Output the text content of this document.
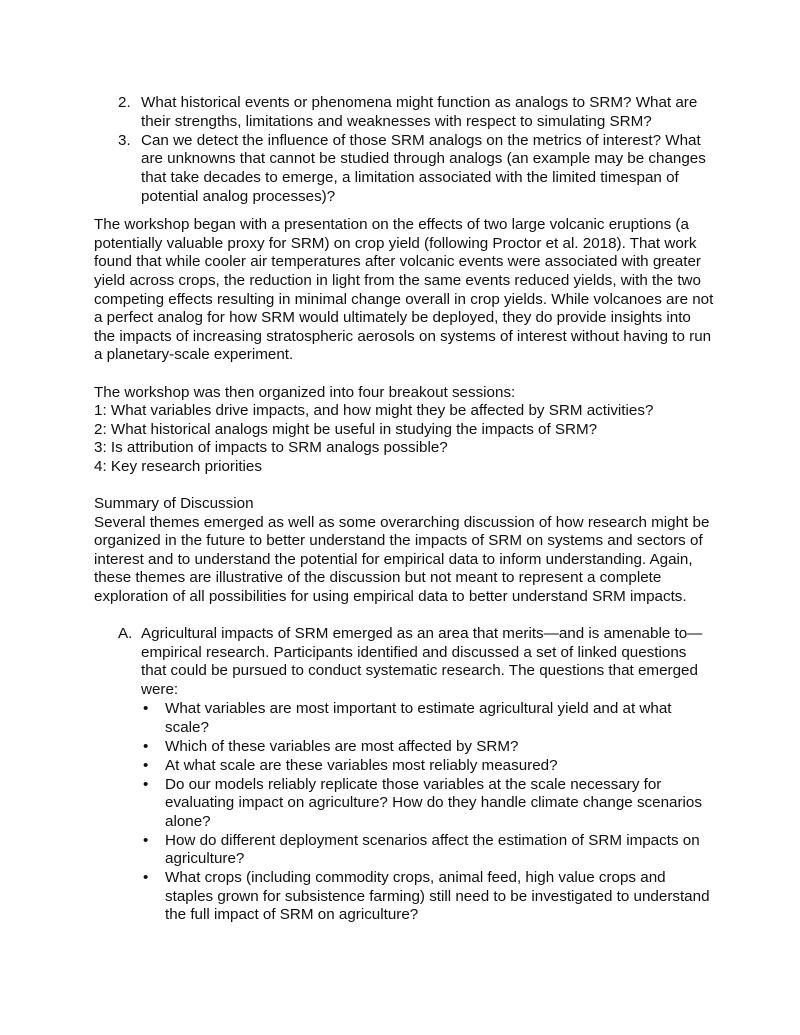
2. What historical events or phenomena might function as analogs to SRM? What are their strengths, limitations and weaknesses with respect to simulating SRM?
3. Can we detect the influence of those SRM analogs on the metrics of interest? What are unknowns that cannot be studied through analogs (an example may be changes that take decades to emerge, a limitation associated with the limited timespan of potential analog processes)?

The workshop began with a presentation on the effects of two large volcanic eruptions (a potentially valuable proxy for SRM) on crop yield (following Proctor et al. 2018). That work found that while cooler air temperatures after volcanic events were associated with greater yield across crops, the reduction in light from the same events reduced yields, with the two competing effects resulting in minimal change overall in crop yields. While volcanoes are not a perfect analog for how SRM would ultimately be deployed, they do provide insights into the impacts of increasing stratospheric aerosols on systems of interest without having to run a planetary-scale experiment.

The workshop was then organized into four breakout sessions:
1: What variables drive impacts, and how might they be affected by SRM activities?
2: What historical analogs might be useful in studying the impacts of SRM?
3: Is attribution of impacts to SRM analogs possible?
4: Key research priorities
Summary of Discussion

Several themes emerged as well as some overarching discussion of how research might be organized in the future to better understand the impacts of SRM on systems and sectors of interest and to understand the potential for empirical data to inform understanding. Again, these themes are illustrative of the discussion but not meant to represent a complete exploration of all possibilities for using empirical data to better understand SRM impacts.

A. Agricultural impacts of SRM emerged as an area that merits—and is amenable to—empirical research. Participants identified and discussed a set of linked questions that could be pursued to conduct systematic research. The questions that emerged were:
• What variables are most important to estimate agricultural yield and at what scale?
• Which of these variables are most affected by SRM?
• At what scale are these variables most reliably measured?
• Do our models reliably replicate those variables at the scale necessary for evaluating impact on agriculture? How do they handle climate change scenarios alone?
• How do different deployment scenarios affect the estimation of SRM impacts on agriculture?
• What crops (including commodity crops, animal feed, high value crops and staples grown for subsistence farming) still need to be investigated to understand the full impact of SRM on agriculture?
